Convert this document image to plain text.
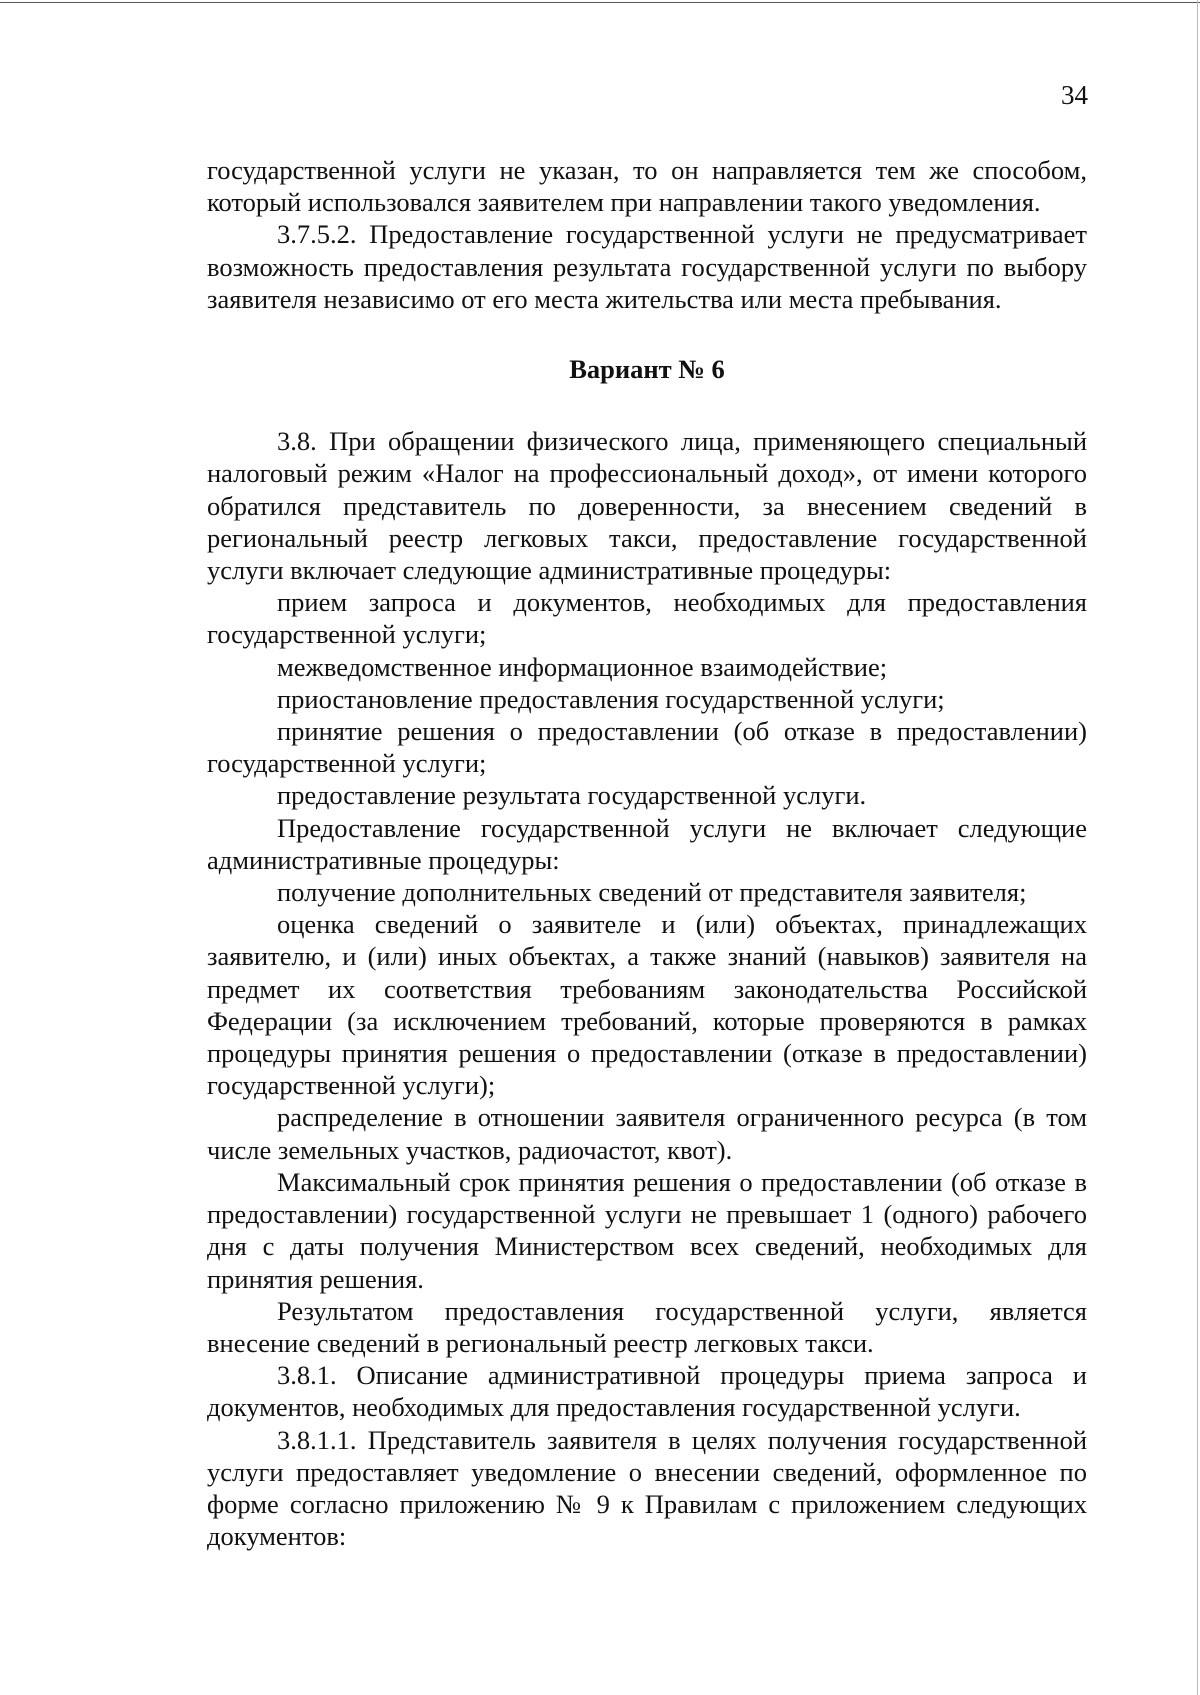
34

государственной услуги не указан, то он направляется тем же способом, который использовался заявителем при направлении такого уведомления.

3.7.5.2. Предоставление государственной услуги не предусматривает возможность предоставления результата государственной услуги по выбору заявителя независимо от его места жительства или места пребывания.

Вариант № 6

3.8. При обращении физического лица, применяющего специальный налоговый режим «Налог на профессиональный доход», от имени которого обратился представитель по доверенности, за внесением сведений в региональный реестр легковых такси, предоставление государственной услуги включает следующие административные процедуры:

прием запроса и документов, необходимых для предоставления государственной услуги;

межведомственное информационное взаимодействие;

приостановление предоставления государственной услуги;

принятие решения о предоставлении (об отказе в предоставлении) государственной услуги;

предоставление результата государственной услуги.

Предоставление государственной услуги не включает следующие административные процедуры:

получение дополнительных сведений от представителя заявителя;

оценка сведений о заявителе и (или) объектах, принадлежащих заявителю, и (или) иных объектах, а также знаний (навыков) заявителя на предмет их соответствия требованиям законодательства Российской Федерации (за исключением требований, которые проверяются в рамках процедуры принятия решения о предоставлении (отказе в предоставлении) государственной услуги);

распределение в отношении заявителя ограниченного ресурса (в том числе земельных участков, радиочастот, квот).

Максимальный срок принятия решения о предоставлении (об отказе в предоставлении) государственной услуги не превышает 1 (одного) рабочего дня с даты получения Министерством всех сведений, необходимых для принятия решения.

Результатом предоставления государственной услуги, является внесение сведений в региональный реестр легковых такси.

3.8.1. Описание административной процедуры приема запроса и документов, необходимых для предоставления государственной услуги.

3.8.1.1. Представитель заявителя в целях получения государственной услуги предоставляет уведомление о внесении сведений, оформленное по форме согласно приложению № 9 к Правилам с приложением следующих документов:
